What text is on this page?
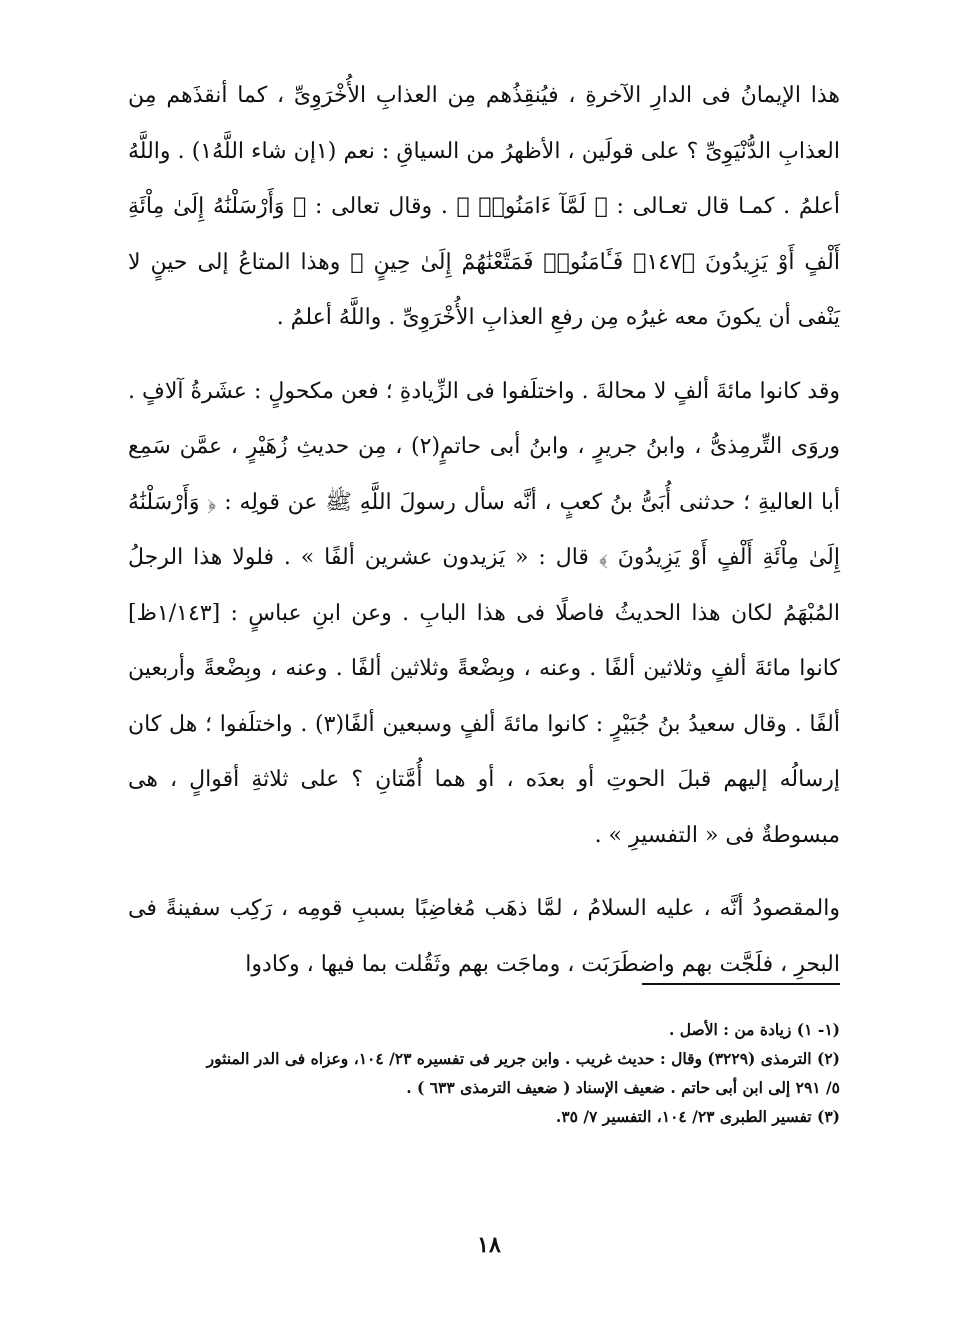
هذا الإيمانُ فى الدارِ الآخرةِ ، فيُنقِذُهم مِن العذابِ الأُخْرَوِىِّ ، كما أنقذَهم مِن العذابِ الدُّنْيَوِىِّ ؟ على قولَين ، الأظهرُ من السياقِ : نعم (١إن شاء اللَّهُ١) . واللَّهُ أعلمُ . كمـا قال تعـالى : ﴿ لَمَّآ ءَامَنُوا۟ ﴾ . وقال تعالى : ﴿ وَأَرْسَلْنَٰهُ إِلَىٰ مِاْئَةِ أَلْفٍ أَوْ يَزِيدُونَ ﴿١٤٧﴾ فَـَٔامَنُوا۟ فَمَتَّعْنَٰهُمْ إِلَىٰ حِينٍ ﴾ وهذا المتاعُ إلى حينٍ لا يَنْفى أن يكونَ معه غيرُه مِن رفعِ العذابِ الأُخْرَوِىِّ . واللَّهُ أعلمُ .

وقد كانوا مائةَ ألفٍ لا محالةَ . واختلَفوا فى الزِّيادةِ ؛ فعن مكحولٍ : عشَرةُ آلافٍ . وروَى التِّرمِذىُّ ، وابنُ جريرٍ ، وابنُ أبى حاتمٍ(٢) ، مِن حديثِ زُهَيْرٍ ، عمَّن سَمِع أبا العاليةِ ؛ حدثنى أُبَىُّ بنُ كعبٍ ، أنَّه سأل رسولَ اللَّهِ ﷺ عن قولِه : ﴿ وَأَرْسَلْنَٰهُ إِلَىٰ مِاْئَةِ أَلْفٍ أَوْ يَزِيدُونَ ﴾ قال : « يَزيدون عشرين ألفًا » . فلولا هذا الرجلُ المُبْهَمُ لكان هذا الحديثُ فاصلًا فى هذا البابِ . وعن ابنِ عباسٍ : [١/١٤٣ظ] كانوا مائةَ ألفٍ وثلاثين ألفًا . وعنه ، وبِضْعةً وثلاثين ألفًا . وعنه ، وبِضْعةً وأربعين ألفًا . وقال سعيدُ بنُ جُبَيْرٍ : كانوا مائةَ ألفٍ وسبعين ألفًا(٣) . واختلَفوا ؛ هل كان إرسالُه إليهم قبلَ الحوتِ أو بعدَه ، أو هما أُمَّتانِ ؟ على ثلاثةِ أقوالٍ ، هى مبسوطةٌ فى « التفسيرِ » .

والمقصودُ أنَّه ، عليه السلامُ ، لمَّا ذهَب مُغاضِبًا بسببِ قومِه ، رَكِب سفينةً فى البحرِ ، فلَجَّت بهم واضطَرَبَت ، وماجَت بهم وثَقُلت بما فيها ، وكادوا

(١- ١) زيادة من : الأصل .

(٢) الترمذى (٣٢٢٩) وقال : حديث غريب . وابن جرير فى تفسيره ٢٣/ ١٠٤، وعزاه فى الدر المنثور

٥/ ٢٩١ إلى ابن أبى حاتم . ضعيف الإسناد ( ضعيف الترمذى ٦٣٣ ) .

(٣) تفسير الطبرى ٢٣/ ١٠٤، التفسير ٧/ ٣٥.

١٨
